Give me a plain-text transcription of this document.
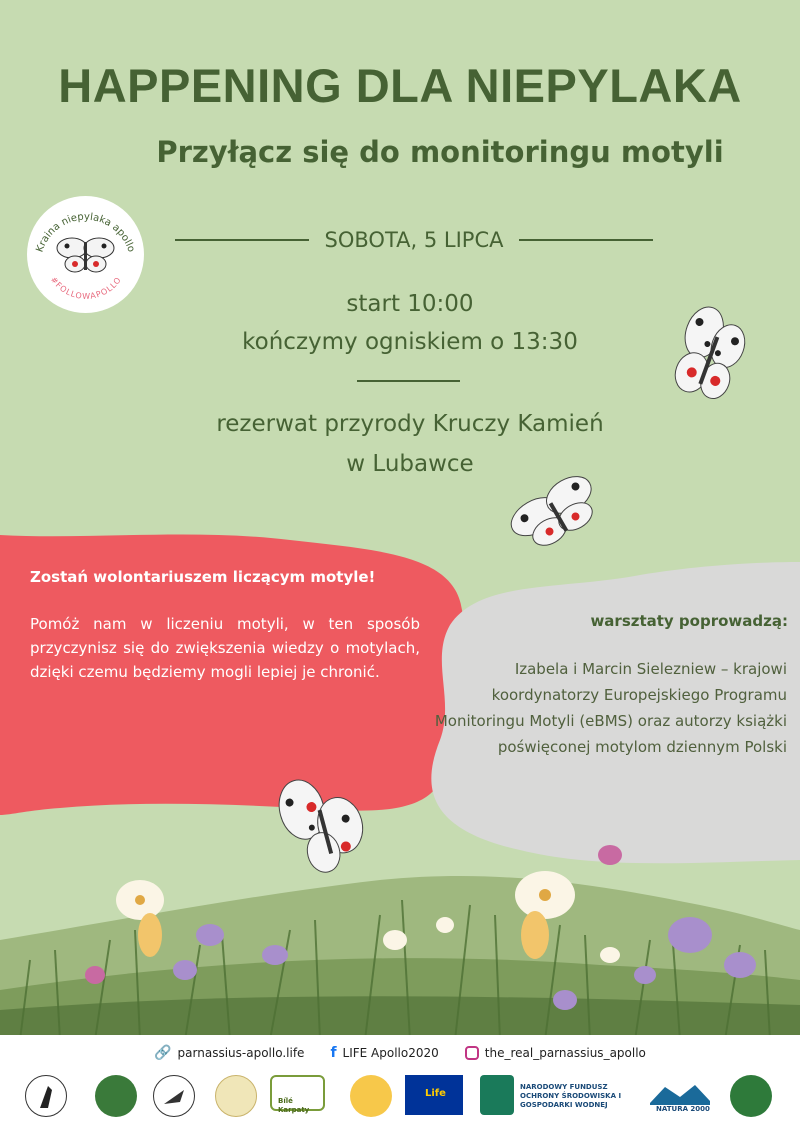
Kraina niepylaka apollo
#FOLLOWAPOLLO
HAPPENING DLA NIEPYLAKA
Przyłącz się do monitoringu motyli
SOBOTA, 5 LIPCA
start 10:00
kończymy ogniskiem o 13:30
rezerwat przyrody Kruczy Kamień
w Lubawce
Zostań wolontariuszem liczącym motyle!
Pomóż nam w liczeniu motyli, w ten sposób przyczynisz się do zwiększenia wiedzy o motylach, dzięki czemu będziemy mogli lepiej je chronić.
warsztaty poprowadzą:
Izabela i Marcin Sielezniew – krajowi koordynatorzy Europejskiego Programu Monitoringu Motyli (eBMS) oraz autorzy książki poświęconej motylom dziennym Polski
🔗 parnassius-apollo.life f LIFE Apollo2020	the_real_parnassius_apollo
Bílé Karpaty
Life
NARODOWY FUNDUSZ OCHRONY ŚRODOWISKA I GOSPODARKI WODNEJ	NATURA 2000
